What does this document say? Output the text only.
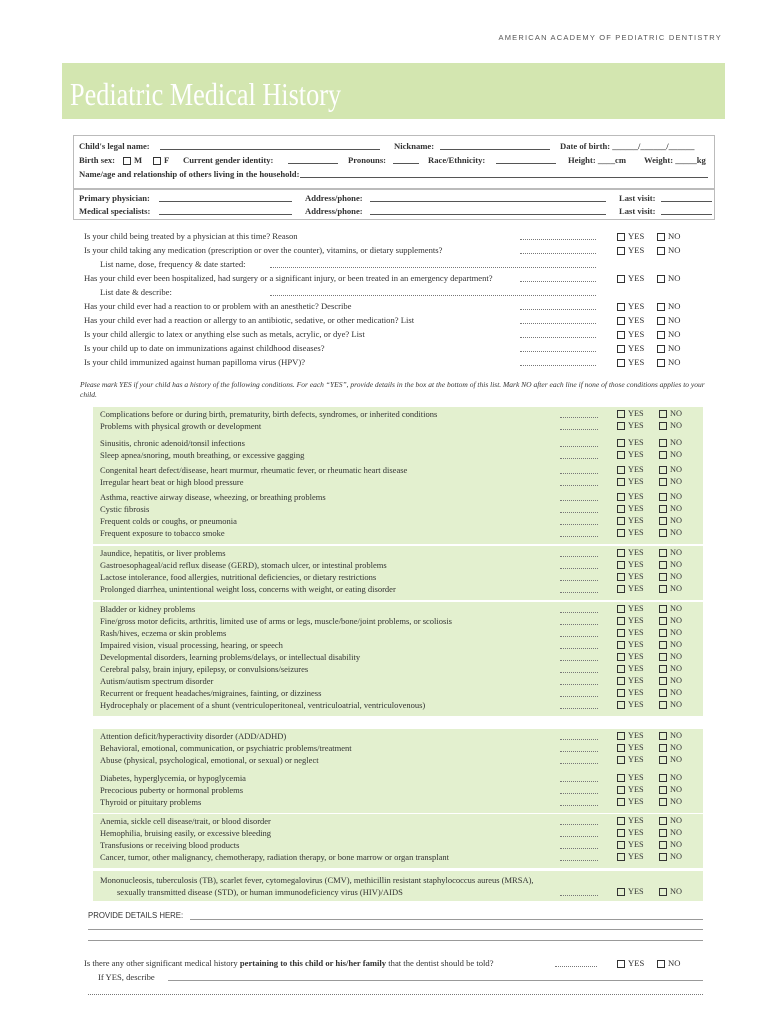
AMERICAN ACADEMY OF PEDIATRIC DENTISTRY
Pediatric Medical History
Child's legal name:	Nickname:	Date of birth: ______/______/______
Birth sex:	M	F Current gender identity:	Pronouns:	Race/Ethnicity:	Height: ____cm Weight: _____kg
Name/age and relationship of others living in the household:
Primary physician:	Address/phone:	Last visit:
Medical specialists:	Address/phone:	Last visit:
Is your child being treated by a physician at this time? Reason	YES	NO
Is your child taking any medication (prescription or over the counter), vitamins, or dietary supplements?	YES	NO
List name, dose, frequency & date started:
Has your child ever been hospitalized, had surgery or a significant injury, or been treated in an emergency department?	YES	NO
List date & describe:
Has your child ever had a reaction to or problem with an anesthetic? Describe	YES	NO
Has your child ever had a reaction or allergy to an antibiotic, sedative, or other medication? List	YES	NO
Is your child allergic to latex or anything else such as metals, acrylic, or dye? List	YES	NO
Is your child up to date on immunizations against childhood diseases?	YES	NO
Is your child immunized against human papilloma virus (HPV)?	YES	NO
Please mark YES if your child has a history of the following conditions. For each “YES”, provide details in the box at the bottom of this list. Mark NO after each line if none of those conditions applies to your child.
Complications before or during birth, prematurity, birth defects, syndromes, or inherited conditions	YES	NO
Problems with physical growth or development	YES	NO
Sinusitis, chronic adenoid/tonsil infections	YES	NO
Sleep apnea/snoring, mouth breathing, or excessive gagging	YES	NO
Congenital heart defect/disease, heart murmur, rheumatic fever, or rheumatic heart disease	YES	NO
Irregular heart beat or high blood pressure	YES	NO
Asthma, reactive airway disease, wheezing, or breathing problems	YES	NO
Cystic fibrosis	YES	NO
Frequent colds or coughs, or pneumonia	YES	NO
Frequent exposure to tobacco smoke	YES	NO
Jaundice, hepatitis, or liver problems	YES	NO
Gastroesophageal/acid reflux disease (GERD), stomach ulcer, or intestinal problems	YES	NO
Lactose intolerance, food allergies, nutritional deficiencies, or dietary restrictions	YES	NO
Prolonged diarrhea, unintentional weight loss, concerns with weight, or eating disorder	YES	NO
Bladder or kidney problems	YES	NO
Fine/gross motor deficits, arthritis, limited use of arms or legs, muscle/bone/joint problems, or scoliosis	YES	NO
Rash/hives, eczema or skin problems	YES	NO
Impaired vision, visual processing, hearing, or speech	YES	NO
Developmental disorders, learning problems/delays, or intellectual disability	YES	NO
Cerebral palsy, brain injury, epilepsy, or convulsions/seizures	YES	NO
Autism/autism spectrum disorder	YES	NO
Recurrent or frequent headaches/migraines, fainting, or dizziness	YES	NO
Hydrocephaly or placement of a shunt (ventriculoperitoneal, ventriculoatrial, ventriculovenous)	YES	NO
Attention deficit/hyperactivity disorder (ADD/ADHD)	YES	NO
Behavioral, emotional, communication, or psychiatric problems/treatment	YES	NO
Abuse (physical, psychological, emotional, or sexual) or neglect	YES	NO
Diabetes, hyperglycemia, or hypoglycemia	YES	NO
Precocious puberty or hormonal problems	YES	NO
Thyroid or pituitary problems	YES	NO
Anemia, sickle cell disease/trait, or blood disorder	YES	NO
Hemophilia, bruising easily, or excessive bleeding	YES	NO
Transfusions or receiving blood products	YES	NO
Cancer, tumor, other malignancy, chemotherapy, radiation therapy, or bone marrow or organ transplant	YES	NO
Mononucleosis, tuberculosis (TB), scarlet fever, cytomegalovirus (CMV), methicillin resistant staphylococcus aureus (MRSA),
sexually transmitted disease (STD), or human immunodeficiency virus (HIV)/AIDS	YES	NO
PROVIDE DETAILS HERE:
Is there any other significant medical history pertaining to this child or his/her family that the dentist should be told?	YES	NO
If YES, describe
